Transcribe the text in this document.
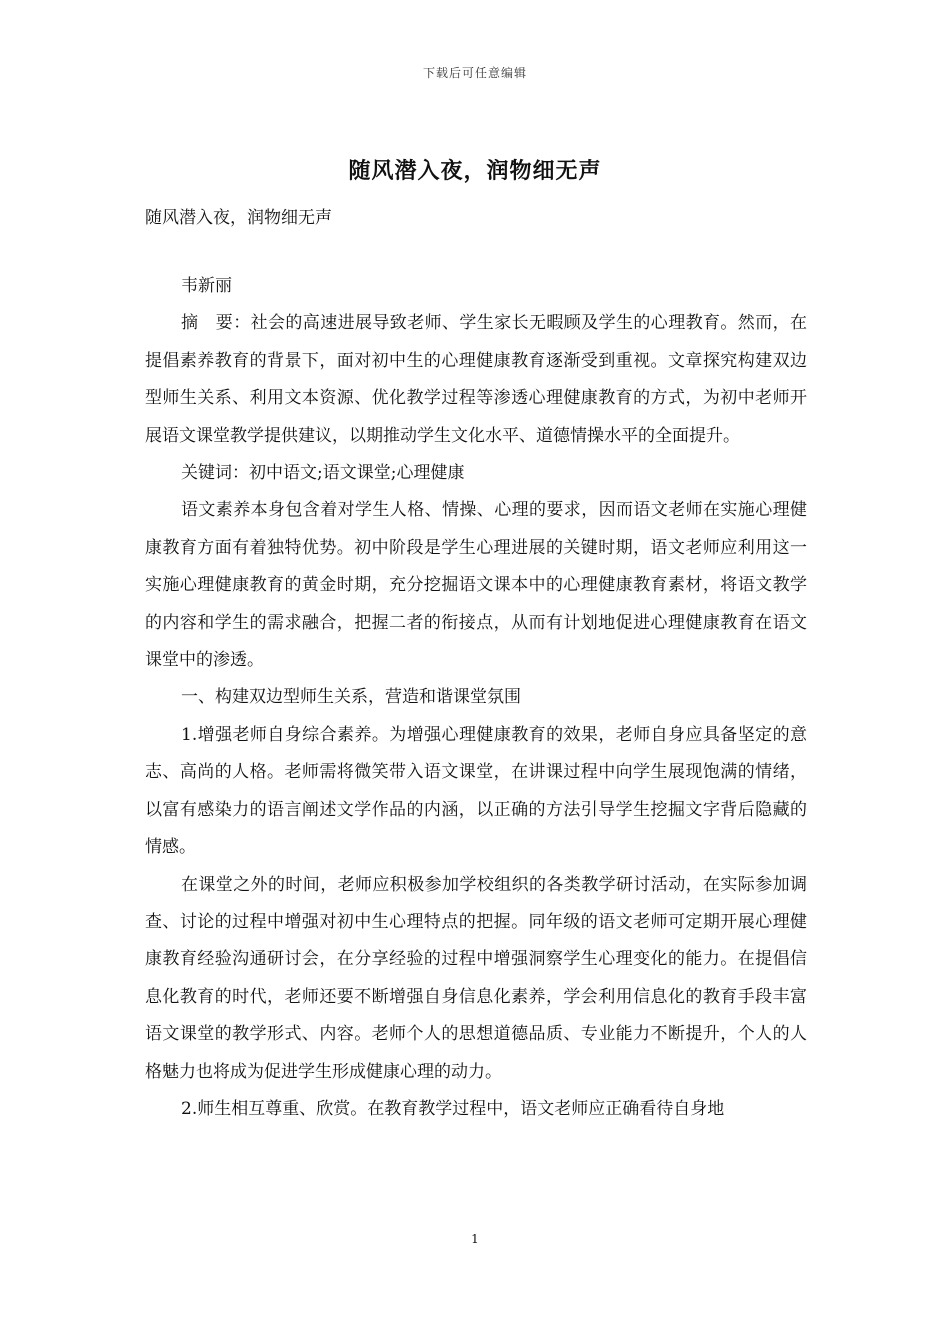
下载后可任意编辑
随风潜入夜，润物细无声
随风潜入夜，润物细无声

韦新丽

摘　要：社会的高速进展导致老师、学生家长无暇顾及学生的心理教育。然而，在提倡素养教育的背景下，面对初中生的心理健康教育逐渐受到重视。文章探究构建双边型师生关系、利用文本资源、优化教学过程等渗透心理健康教育的方式，为初中老师开展语文课堂教学提供建议，以期推动学生文化水平、道德情操水平的全面提升。

关键词：初中语文;语文课堂;心理健康

语文素养本身包含着对学生人格、情操、心理的要求，因而语文老师在实施心理健康教育方面有着独特优势。初中阶段是学生心理进展的关键时期，语文老师应利用这一实施心理健康教育的黄金时期，充分挖掘语文课本中的心理健康教育素材，将语文教学的内容和学生的需求融合，把握二者的衔接点，从而有计划地促进心理健康教育在语文课堂中的渗透。

一、构建双边型师生关系，营造和谐课堂氛围

1.增强老师自身综合素养。为增强心理健康教育的效果，老师自身应具备坚定的意志、高尚的人格。老师需将微笑带入语文课堂，在讲课过程中向学生展现饱满的情绪，以富有感染力的语言阐述文学作品的内涵，以正确的方法引导学生挖掘文字背后隐藏的情感。

在课堂之外的时间，老师应积极参加学校组织的各类教学研讨活动，在实际参加调查、讨论的过程中增强对初中生心理特点的把握。同年级的语文老师可定期开展心理健康教育经验沟通研讨会，在分享经验的过程中增强洞察学生心理变化的能力。在提倡信息化教育的时代，老师还要不断增强自身信息化素养，学会利用信息化的教育手段丰富语文课堂的教学形式、内容。老师个人的思想道德品质、专业能力不断提升，个人的人格魅力也将成为促进学生形成健康心理的动力。

2.师生相互尊重、欣赏。在教育教学过程中，语文老师应正确看待自身地

1
